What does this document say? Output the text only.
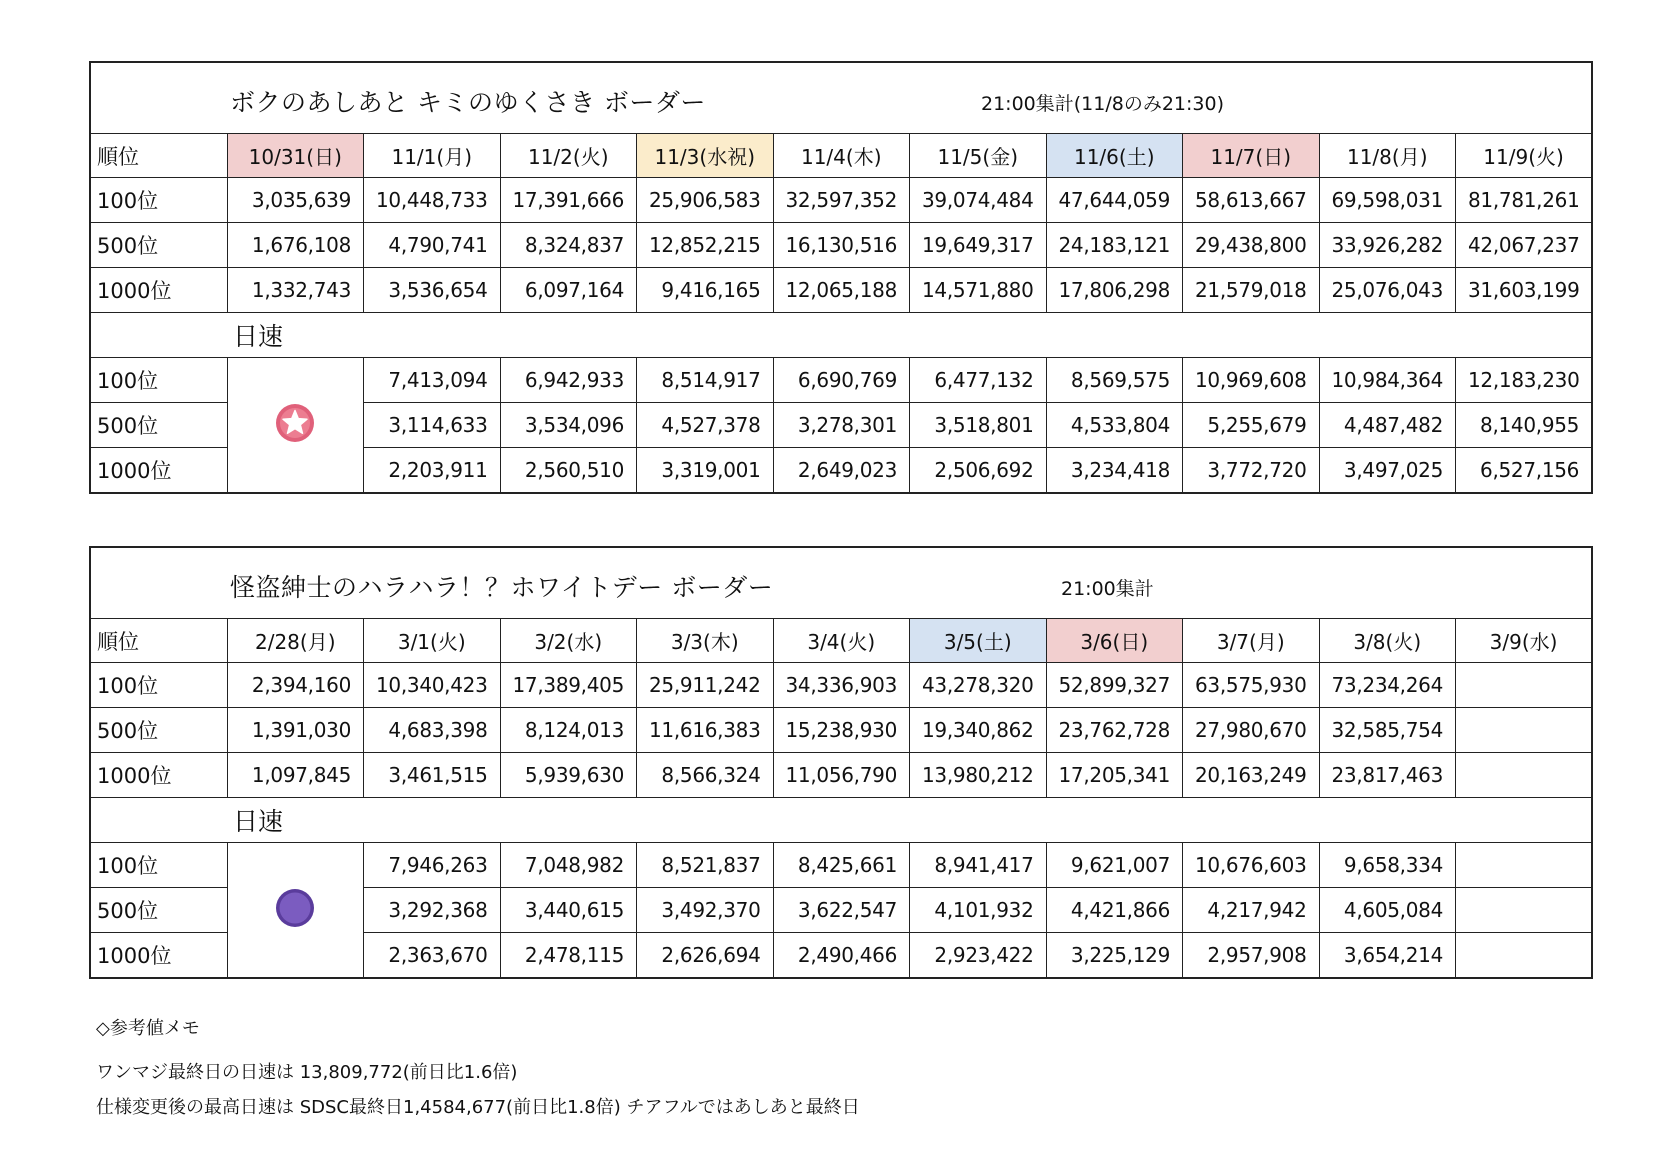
ボクのあしあと キミのゆくさき ボーダー 21:00集計(11/8のみ21:30)										

順位	10/31(日)	11/1(月)	11/2(火)	11/3(水祝)	11/4(木)	11/5(金)	11/6(土)	11/7(日)	11/8(月)	11/9(火)
100位	3,035,639	10,448,733	17,391,666	25,906,583	32,597,352	39,074,484	47,644,059	58,613,667	69,598,031	81,781,261
500位	1,676,108	4,790,741	8,324,837	12,852,215	16,130,516	19,649,317	24,183,121	29,438,800	33,926,282	42,067,237
1000位	1,332,743	3,536,654	6,097,164	9,416,165	12,065,188	14,571,880	17,806,298	21,579,018	25,076,043	31,603,199
日速										
100位		7,413,094	6,942,933	8,514,917	6,690,769	6,477,132	8,569,575	10,969,608	10,984,364	12,183,230
500位		3,114,633	3,534,096	4,527,378	3,278,301	3,518,801	4,533,804	5,255,679	4,487,482	8,140,955
1000位		2,203,911	2,560,510	3,319,001	2,649,023	2,506,692	3,234,418	3,772,720	3,497,025	6,527,156
怪盗紳士のハラハラ！？ホワイトデー ボーダー 21:00集計										

順位	2/28(月)	3/1(火)	3/2(水)	3/3(木)	3/4(火)	3/5(土)	3/6(日)	3/7(月)	3/8(火)	3/9(水)
100位	2,394,160	10,340,423	17,389,405	25,911,242	34,336,903	43,278,320	52,899,327	63,575,930	73,234,264	
500位	1,391,030	4,683,398	8,124,013	11,616,383	15,238,930	19,340,862	23,762,728	27,980,670	32,585,754	
1000位	1,097,845	3,461,515	5,939,630	8,566,324	11,056,790	13,980,212	17,205,341	20,163,249	23,817,463	
日速										
100位		7,946,263	7,048,982	8,521,837	8,425,661	8,941,417	9,621,007	10,676,603	9,658,334	
500位		3,292,368	3,440,615	3,492,370	3,622,547	4,101,932	4,421,866	4,217,942	4,605,084	
1000位		2,363,670	2,478,115	2,626,694	2,490,466	2,923,422	3,225,129	2,957,908	3,654,214	
◇参考値メモ
ワンマジ最終日の日速は 13,809,772(前日比1.6倍)
仕様変更後の最高日速は SDSC最終日1,4584,677(前日比1.8倍) チアフルではあしあと最終日
